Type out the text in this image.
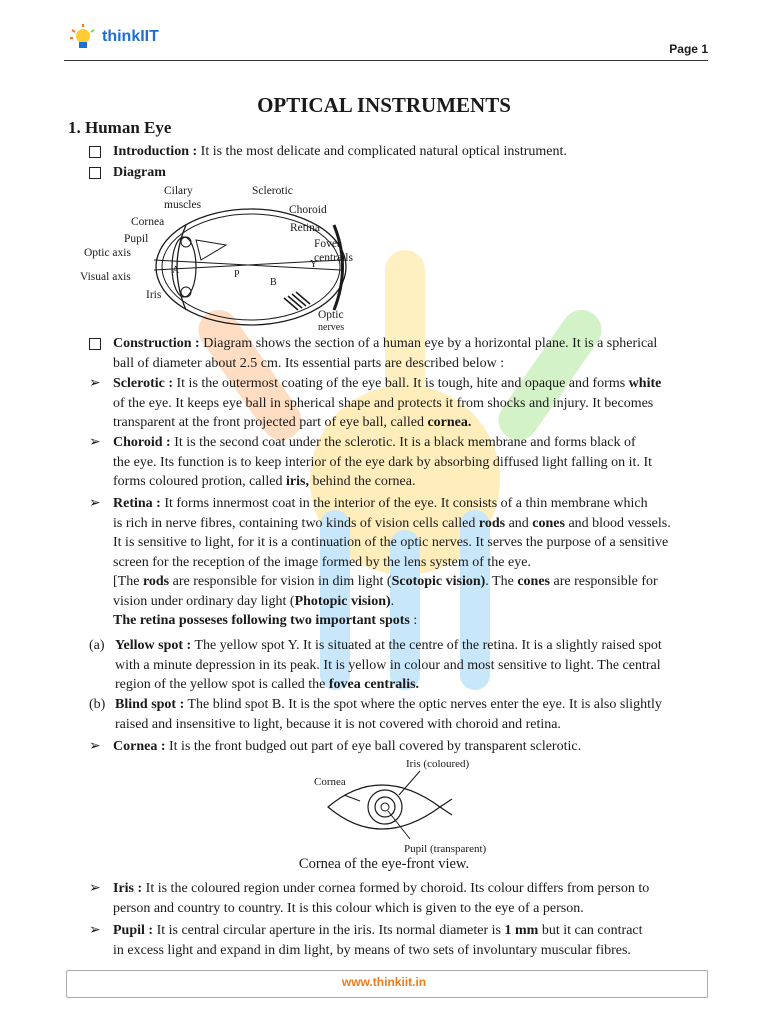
thinkIIT
Page 1
OPTICAL INSTRUMENTS
1. Human Eye
Introduction : It is the most delicate and complicated natural optical instrument.
Diagram
Cilary
muscles
Cornea
Pupil
Optic axis
Visual axis
Iris
Sclerotic
Choroid
Retina
Fovea
centrails
Optic
nerves
A	P
B
Y
Construction : Diagram shows the section of a human eye by a horizontal plane. It is a spherical
ball of diameter about 2.5 cm. Its essential parts are described below :
➢ Sclerotic : It is the outermost coating of the eye ball. It is tough, hite and opaque and forms white
of the eye. It keeps eye ball in spherical shape and protects it from shocks and injury. It becomes
transparent at the front projected part of eye ball, called cornea.
➢ Choroid : It is the second coat under the sclerotic. It is a black membrane and forms black of
the eye. Its function is to keep interior of the eye dark by absorbing diffused light falling on it. It
forms coloured protion, called iris, behind the cornea.
➢ Retina : It forms innermost coat in the interior of the eye. It consists of a thin membrane which
is rich in nerve fibres, containing two kinds of vision cells called rods and cones and blood vessels.
It is sensitive to light, for it is a continuation of the optic nerves. It serves the purpose of a sensitive
screen for the reception of the image formed by the lens system of the eye.
[The rods are responsible for vision in dim light (Scotopic vision). The cones are responsible for
vision under ordinary day light (Photopic vision).
The retina posseses following two important spots :
(a) Yellow spot : The yellow spot Y. It is situated at the centre of the retina. It is a slightly raised spot
with a minute depression in its peak. It is yellow in colour and most sensitive to light. The central
region of the yellow spot is called the fovea centralis.
(b) Blind spot : The blind spot B. It is the spot where the optic nerves enter the eye. It is also slightly
raised and insensitive to light, because it is not covered with choroid and retina.
➢ Cornea : It is the front budged out part of eye ball covered by transparent sclerotic.
Iris (coloured)
Cornea
Pupil (transparent)
Cornea of the eye-front view.
➢ Iris : It is the coloured region under cornea formed by choroid. Its colour differs from person to
person and country to country. It is this colour which is given to the eye of a person.
➢ Pupil : It is central circular aperture in the iris. Its normal diameter is 1 mm but it can contract
in excess light and expand in dim light, by means of two sets of involuntary muscular fibres.
www.thinkiit.in
